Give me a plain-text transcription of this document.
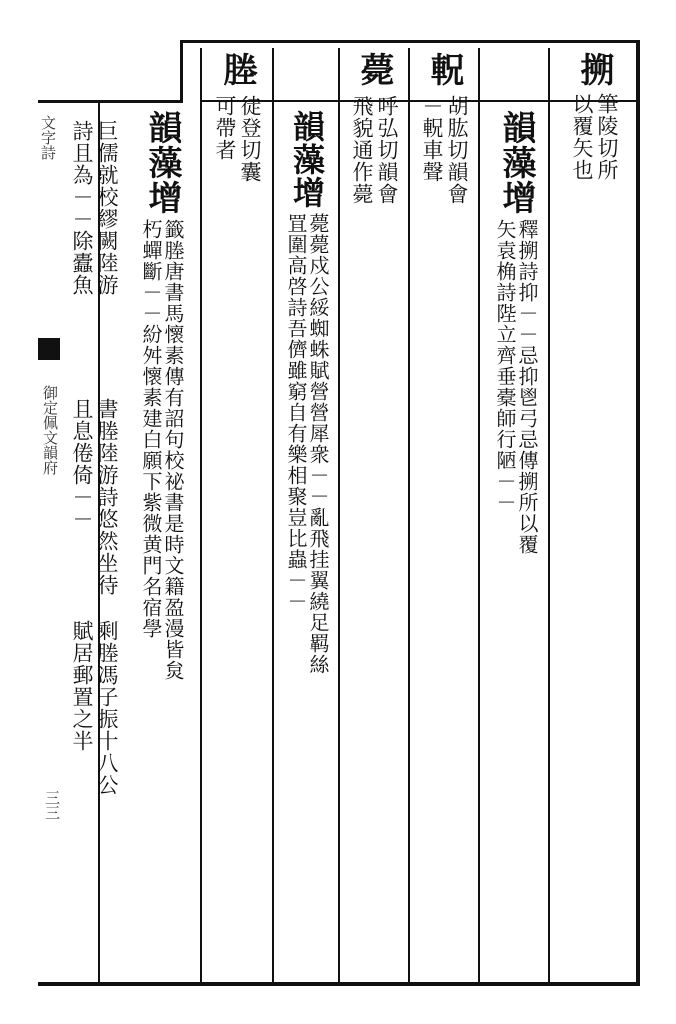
文字詩
御定佩文韻府
三三
搠
筆陵切所
以覆矢也
韻藻增
釋搠詩抑－－忌抑鬯弓忌傳搠所以覆
矢袁桷詩陛立齊垂橐師行陋－－
軦
胡肱切韻會
－軦車聲
薨
呼弘切韻會
飛貌通作薨
韻藻增
薨薨戍公綏蜘蛛賦營營犀衆－－亂飛挂翼繞足羁絲
罝圍高啓詩吾儕雖窮自有樂相聚豈比蟲－－
塍
徒登切囊
可帶者
韻藻增
籤塍唐書馬懷素傳有詔句校祕書是時文籍盈漫皆炱
朽蟬斷－－紛舛懷素建白願下紫微黄門名宿學
巨儒就校繆闕陸游
詩且為－－除蠹魚
書塍陸游詩悠然坐待
且息倦倚－－
剩塍馮子振十八公
賦居郵置之半
